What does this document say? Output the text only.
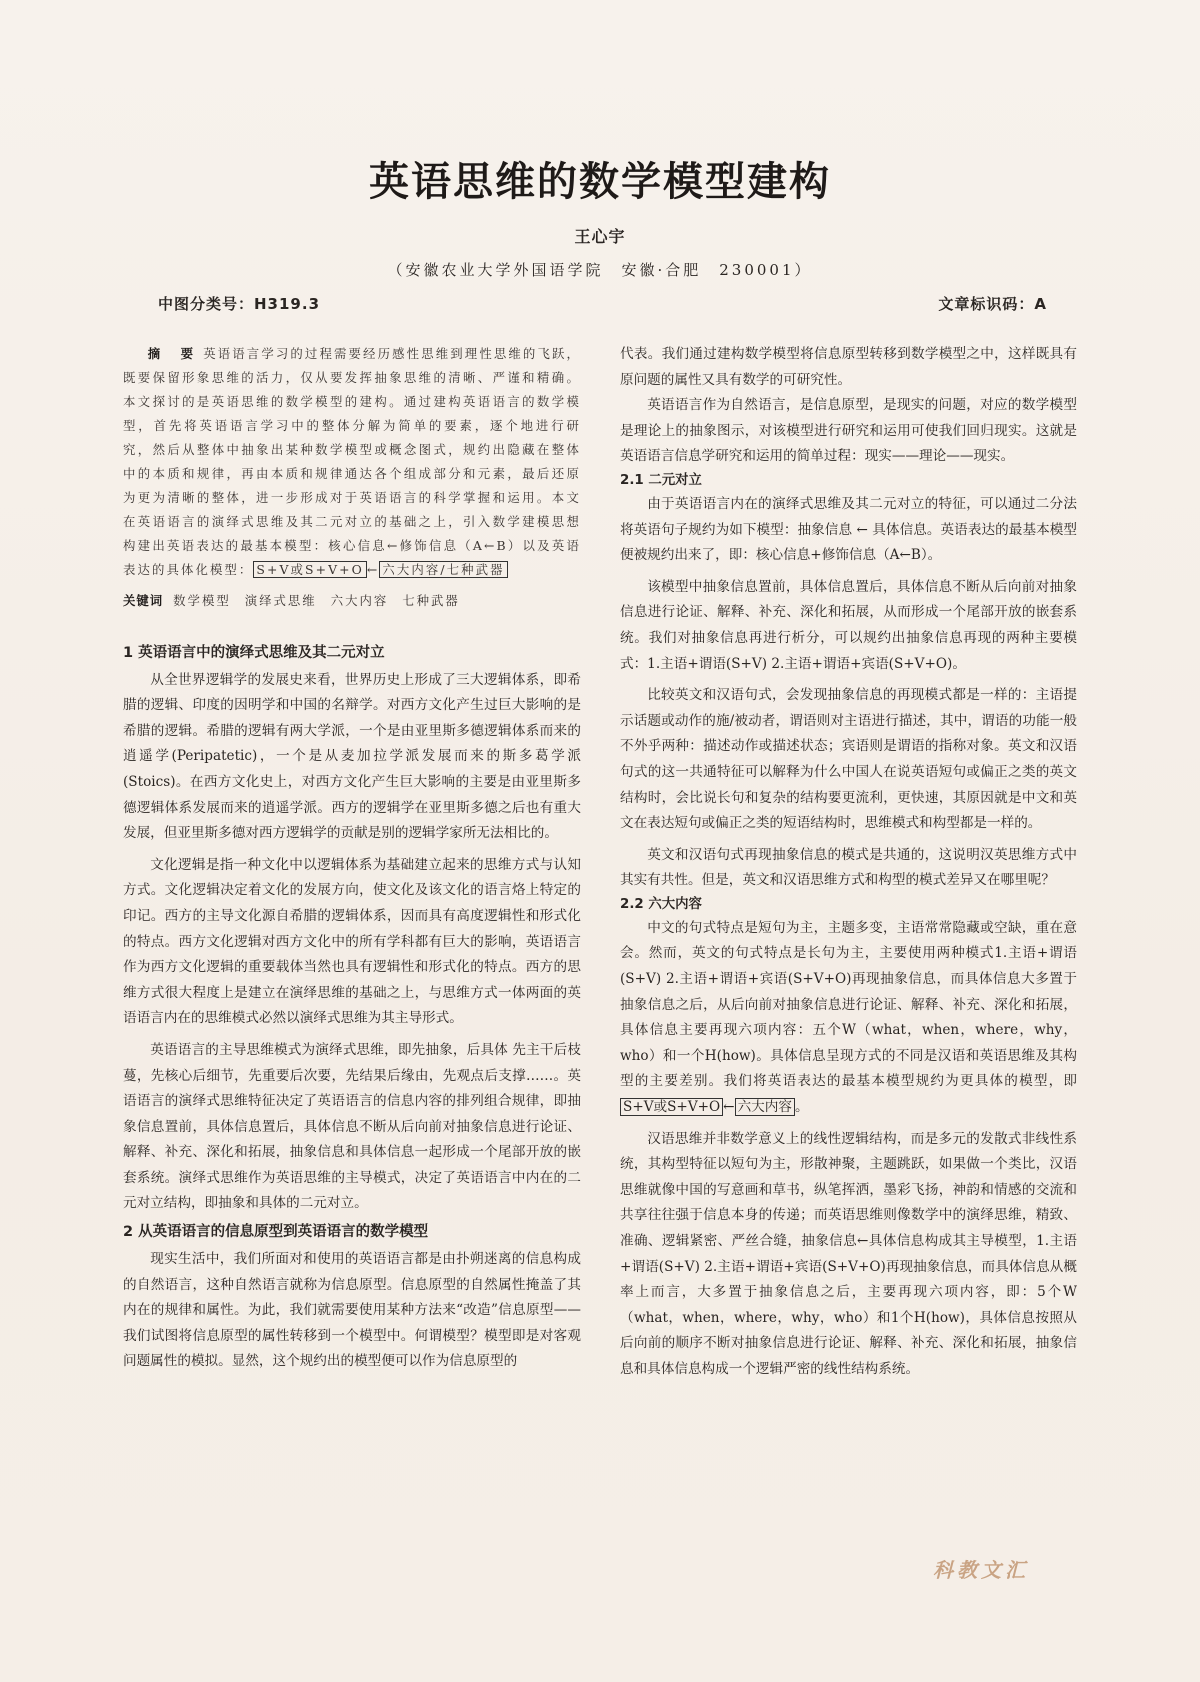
英语思维的数学模型建构
王心宇
（安徽农业大学外国语学院　安徽·合肥　230001）
中图分类号：H319.3	文章标识码：A

摘　要 英语语言学习的过程需要经历感性思维到理性思维的飞跃，既要保留形象思维的活力，仅从要发挥抽象思维的清晰、严谨和精确。本文探讨的是英语思维的数学模型的建构。通过建构英语语言的数学模型，首先将英语语言学习中的整体分解为简单的要素，逐个地进行研究，然后从整体中抽象出某种数学模型或概念图式，规约出隐藏在整体中的本质和规律，再由本质和规律通达各个组成部分和元素，最后还原为更为清晰的整体，进一步形成对于英语语言的科学掌握和运用。本文在英语语言的演绎式思维及其二元对立的基础之上，引入数学建模思想构建出英语表达的最基本模型：核心信息←修饰信息（A←B）以及英语表达的具体化模型： S+V或S+V+O ← 六大内容/七种武器

关键词 数学模型 演绎式思维 六大内容 七种武器

1 英语语言中的演绎式思维及其二元对立

从全世界逻辑学的发展史来看，世界历史上形成了三大逻辑体系，即希腊的逻辑、印度的因明学和中国的名辩学。对西方文化产生过巨大影响的是希腊的逻辑。希腊的逻辑有两大学派，一个是由亚里斯多德逻辑体系而来的逍遥学(Peripatetic)，一个是从麦加拉学派发展而来的斯多葛学派(Stoics)。在西方文化史上，对西方文化产生巨大影响的主要是由亚里斯多德逻辑体系发展而来的逍遥学派。西方的逻辑学在亚里斯多德之后也有重大发展，但亚里斯多德对西方逻辑学的贡献是别的逻辑学家所无法相比的。

文化逻辑是指一种文化中以逻辑体系为基础建立起来的思维方式与认知方式。文化逻辑决定着文化的发展方向，使文化及该文化的语言烙上特定的印记。西方的主导文化源自希腊的逻辑体系，因而具有高度逻辑性和形式化的特点。西方文化逻辑对西方文化中的所有学科都有巨大的影响，英语语言作为西方文化逻辑的重要载体当然也具有逻辑性和形式化的特点。西方的思维方式很大程度上是建立在演绎思维的基础之上，与思维方式一体两面的英语语言内在的思维模式必然以演绎式思维为其主导形式。

英语语言的主导思维模式为演绎式思维，即先抽象，后具体 先主干后枝蔓，先核心后细节，先重要后次要，先结果后缘由，先观点后支撑……。英语语言的演绎式思维特征决定了英语语言的信息内容的排列组合规律，即抽象信息置前，具体信息置后，具体信息不断从后向前对抽象信息进行论证、解释、补充、深化和拓展，抽象信息和具体信息一起形成一个尾部开放的嵌套系统。演绎式思维作为英语思维的主导模式，决定了英语语言中内在的二元对立结构，即抽象和具体的二元对立。

2 从英语语言的信息原型到英语语言的数学模型

现实生活中，我们所面对和使用的英语语言都是由扑朔迷离的信息构成的自然语言，这种自然语言就称为信息原型。信息原型的自然属性掩盖了其内在的规律和属性。为此，我们就需要使用某种方法来“改造”信息原型——我们试图将信息原型的属性转移到一个模型中。何谓模型？模型即是对客观问题属性的模拟。显然，这个规约出的模型便可以作为信息原型的

代表。我们通过建构数学模型将信息原型转移到数学模型之中，这样既具有原问题的属性又具有数学的可研究性。

英语语言作为自然语言，是信息原型，是现实的问题，对应的数学模型是理论上的抽象图示，对该模型进行研究和运用可使我们回归现实。这就是英语语言信息学研究和运用的简单过程：现实——理论——现实。

2.1 二元对立

由于英语语言内在的演绎式思维及其二元对立的特征，可以通过二分法将英语句子规约为如下模型：抽象信息 ← 具体信息。英语表达的最基本模型便被规约出来了，即：核心信息+修饰信息（A←B）。

该模型中抽象信息置前，具体信息置后，具体信息不断从后向前对抽象信息进行论证、解释、补充、深化和拓展，从而形成一个尾部开放的嵌套系统。我们对抽象信息再进行析分，可以规约出抽象信息再现的两种主要模式：1.主语+谓语(S+V) 2.主语+谓语+宾语(S+V+O)。

比较英文和汉语句式，会发现抽象信息的再现模式都是一样的：主语提示话题或动作的施/被动者，谓语则对主语进行描述，其中，谓语的功能一般不外乎两种：描述动作或描述状态；宾语则是谓语的指称对象。英文和汉语句式的这一共通特征可以解释为什么中国人在说英语短句或偏正之类的英文结构时，会比说长句和复杂的结构要更流利，更快速，其原因就是中文和英文在表达短句或偏正之类的短语结构时，思维模式和构型都是一样的。

英文和汉语句式再现抽象信息的模式是共通的，这说明汉英思维方式中其实有共性。但是，英文和汉语思维方式和构型的模式差异又在哪里呢？

2.2 六大内容

中文的句式特点是短句为主，主题多变，主语常常隐藏或空缺，重在意会。然而，英文的句式特点是长句为主，主要使用两种模式1.主语+谓语(S+V) 2.主语+谓语+宾语(S+V+O)再现抽象信息，而具体信息大多置于抽象信息之后，从后向前对抽象信息进行论证、解释、补充、深化和拓展，具体信息主要再现六项内容：五个W（what，when，where，why，who）和一个H(how)。具体信息呈现方式的不同是汉语和英语思维及其构型的主要差别。我们将英语表达的最基本模型规约为更具体的模型，即 S+V或S+V+O ← 六大内容 。

汉语思维并非数学意义上的线性逻辑结构，而是多元的发散式非线性系统，其构型特征以短句为主，形散神聚，主题跳跃，如果做一个类比，汉语思维就像中国的写意画和草书，纵笔挥洒，墨彩飞扬，神韵和情感的交流和共享往往强于信息本身的传递；而英语思维则像数学中的演绎思维，精致、准确、逻辑紧密、严丝合缝，抽象信息←具体信息构成其主导模型，1.主语+谓语(S+V) 2.主语+谓语+宾语(S+V+O)再现抽象信息，而具体信息从概率上而言，大多置于抽象信息之后，主要再现六项内容，即：5个W（what，when，where，why，who）和1个H(how)，具体信息按照从后向前的顺序不断对抽象信息进行论证、解释、补充、深化和拓展，抽象信息和具体信息构成一个逻辑严密的线性结构系统。

科教文汇
